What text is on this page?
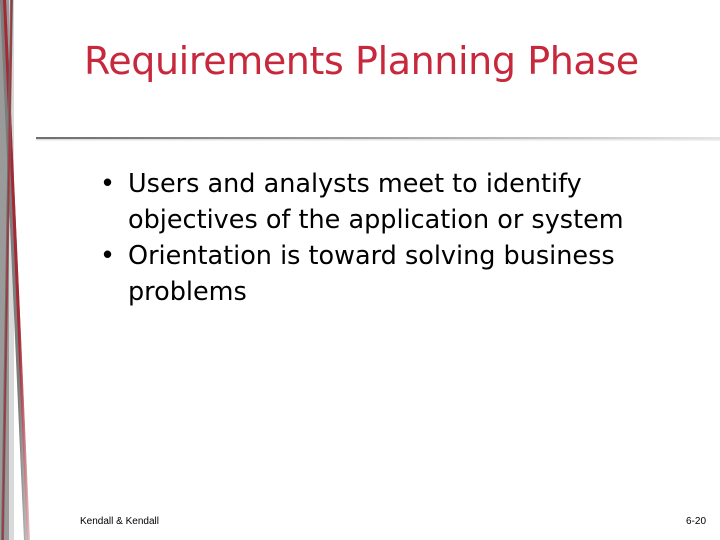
Requirements Planning Phase
• Users and analysts meet to identify objectives of the application or system
• Orientation is toward solving business problems
Kendall & Kendall	6-20
